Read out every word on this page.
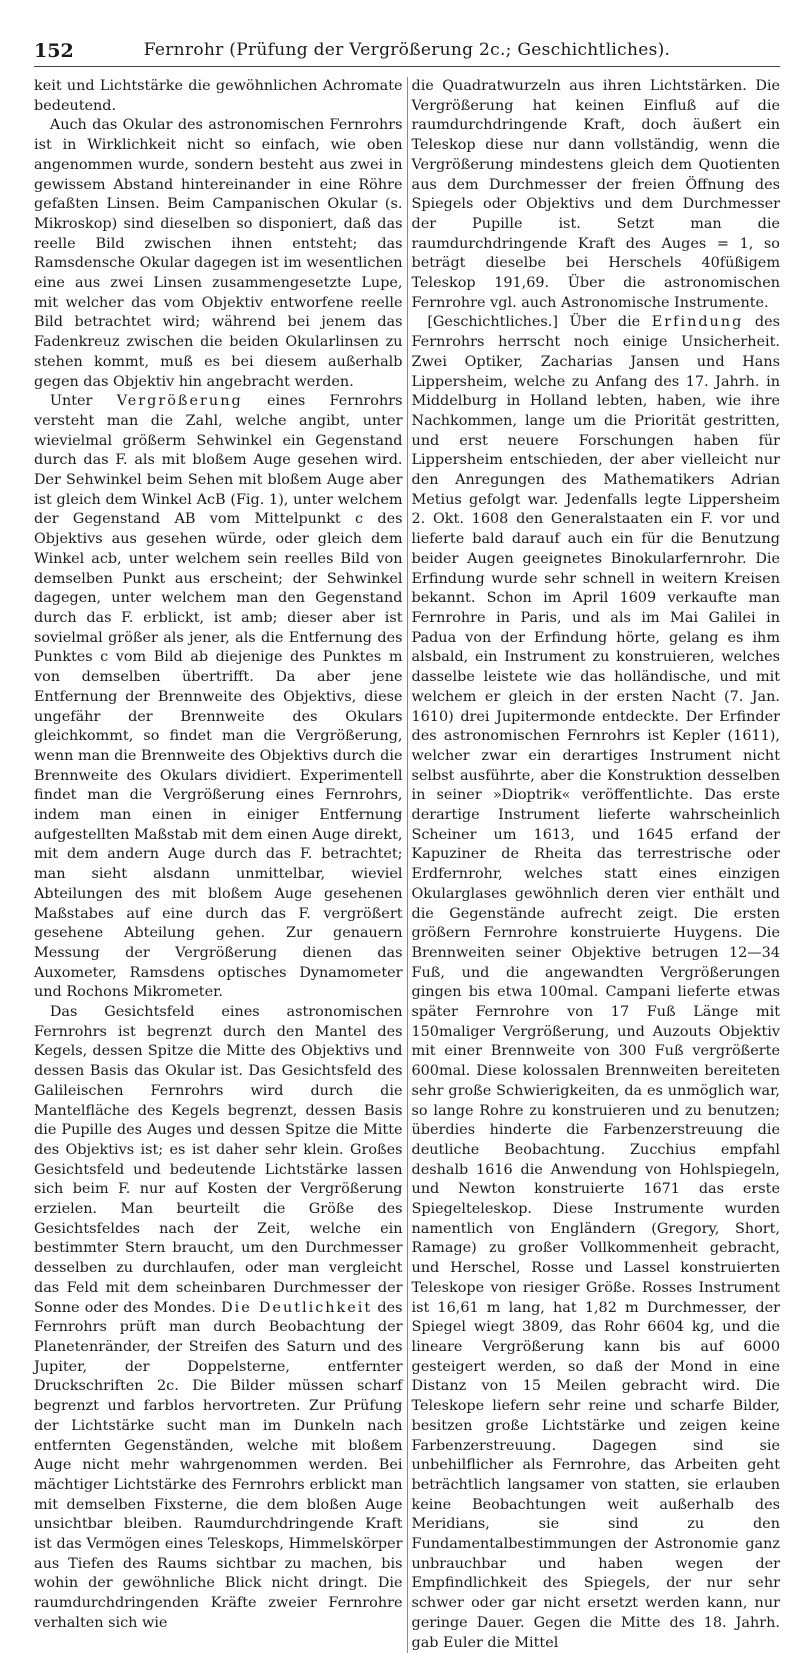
152	Fernrohr (Prüfung der Vergrößerung 2c.; Geschichtliches).

keit und Lichtstärke die gewöhnlichen Achromate bedeutend.

Auch das Okular des astronomischen Fernrohrs ist in Wirklichkeit nicht so einfach, wie oben angenommen wurde, sondern besteht aus zwei in gewissem Abstand hintereinander in eine Röhre gefaßten Linsen. Beim Campanischen Okular (s. Mikroskop) sind dieselben so disponiert, daß das reelle Bild zwischen ihnen entsteht; das Ramsdensche Okular dagegen ist im wesentlichen eine aus zwei Linsen zusammengesetzte Lupe, mit welcher das vom Objektiv entworfene reelle Bild betrachtet wird; während bei jenem das Fadenkreuz zwischen die beiden Okularlinsen zu stehen kommt, muß es bei diesem außerhalb gegen das Objektiv hin angebracht werden.

Unter Vergrößerung eines Fernrohrs versteht man die Zahl, welche angibt, unter wievielmal größerm Sehwinkel ein Gegenstand durch das F. als mit bloßem Auge gesehen wird. Der Sehwinkel beim Sehen mit bloßem Auge aber ist gleich dem Winkel AcB (Fig. 1), unter welchem der Gegenstand AB vom Mittelpunkt c des Objektivs aus gesehen würde, oder gleich dem Winkel acb, unter welchem sein reelles Bild von demselben Punkt aus erscheint; der Sehwinkel dagegen, unter welchem man den Gegenstand durch das F. erblickt, ist amb; dieser aber ist sovielmal größer als jener, als die Entfernung des Punktes c vom Bild ab diejenige des Punktes m von demselben übertrifft. Da aber jene Entfernung der Brennweite des Objektivs, diese ungefähr der Brennweite des Okulars gleichkommt, so findet man die Vergrößerung, wenn man die Brennweite des Objektivs durch die Brennweite des Okulars dividiert. Experimentell findet man die Vergrößerung eines Fernrohrs, indem man einen in einiger Entfernung aufgestellten Maßstab mit dem einen Auge direkt, mit dem andern Auge durch das F. betrachtet; man sieht alsdann unmittelbar, wieviel Abteilungen des mit bloßem Auge gesehenen Maßstabes auf eine durch das F. vergrößert gesehene Abteilung gehen. Zur genauern Messung der Vergrößerung dienen das Auxometer, Ramsdens optisches Dynamometer und Rochons Mikrometer.

Das Gesichtsfeld eines astronomischen Fernrohrs ist begrenzt durch den Mantel des Kegels, dessen Spitze die Mitte des Objektivs und dessen Basis das Okular ist. Das Gesichtsfeld des Galileischen Fernrohrs wird durch die Mantelfläche des Kegels begrenzt, dessen Basis die Pupille des Auges und dessen Spitze die Mitte des Objektivs ist; es ist daher sehr klein. Großes Gesichtsfeld und bedeutende Lichtstärke lassen sich beim F. nur auf Kosten der Vergrößerung erzielen. Man beurteilt die Größe des Gesichtsfeldes nach der Zeit, welche ein bestimmter Stern braucht, um den Durchmesser desselben zu durchlaufen, oder man vergleicht das Feld mit dem scheinbaren Durchmesser der Sonne oder des Mondes. Die Deutlichkeit des Fernrohrs prüft man durch Beobachtung der Planetenränder, der Streifen des Saturn und des Jupiter, der Doppelsterne, entfernter Druckschriften 2c. Die Bilder müssen scharf begrenzt und farblos hervortreten. Zur Prüfung der Lichtstärke sucht man im Dunkeln nach entfernten Gegenständen, welche mit bloßem Auge nicht mehr wahrgenommen werden. Bei mächtiger Lichtstärke des Fernrohrs erblickt man mit demselben Fixsterne, die dem bloßen Auge unsichtbar bleiben. Raumdurchdringende Kraft ist das Vermögen eines Teleskops, Himmelskörper aus Tiefen des Raums sichtbar zu machen, bis wohin der gewöhnliche Blick nicht dringt. Die raumdurchdringenden Kräfte zweier Fernrohre verhalten sich wie

die Quadratwurzeln aus ihren Lichtstärken. Die Vergrößerung hat keinen Einfluß auf die raumdurchdringende Kraft, doch äußert ein Teleskop diese nur dann vollständig, wenn die Vergrößerung mindestens gleich dem Quotienten aus dem Durchmesser der freien Öffnung des Spiegels oder Objektivs und dem Durchmesser der Pupille ist. Setzt man die raumdurchdringende Kraft des Auges = 1, so beträgt dieselbe bei Herschels 40füßigem Teleskop 191,69. Über die astronomischen Fernrohre vgl. auch Astronomische Instrumente.

[Geschichtliches.] Über die Erfindung des Fernrohrs herrscht noch einige Unsicherheit. Zwei Optiker, Zacharias Jansen und Hans Lippersheim, welche zu Anfang des 17. Jahrh. in Middelburg in Holland lebten, haben, wie ihre Nachkommen, lange um die Priorität gestritten, und erst neuere Forschungen haben für Lippersheim entschieden, der aber vielleicht nur den Anregungen des Mathematikers Adrian Metius gefolgt war. Jedenfalls legte Lippersheim 2. Okt. 1608 den Generalstaaten ein F. vor und lieferte bald darauf auch ein für die Benutzung beider Augen geeignetes Binokularfernrohr. Die Erfindung wurde sehr schnell in weitern Kreisen bekannt. Schon im April 1609 verkaufte man Fernrohre in Paris, und als im Mai Galilei in Padua von der Erfindung hörte, gelang es ihm alsbald, ein Instrument zu konstruieren, welches dasselbe leistete wie das holländische, und mit welchem er gleich in der ersten Nacht (7. Jan. 1610) drei Jupitermonde entdeckte. Der Erfinder des astronomischen Fernrohrs ist Kepler (1611), welcher zwar ein derartiges Instrument nicht selbst ausführte, aber die Konstruktion desselben in seiner »Dioptrik« veröffentlichte. Das erste derartige Instrument lieferte wahrscheinlich Scheiner um 1613, und 1645 erfand der Kapuziner de Rheita das terrestrische oder Erdfernrohr, welches statt eines einzigen Okularglases gewöhnlich deren vier enthält und die Gegenstände aufrecht zeigt. Die ersten größern Fernrohre konstruierte Huygens. Die Brennweiten seiner Objektive betrugen 12—34 Fuß, und die angewandten Vergrößerungen gingen bis etwa 100mal. Campani lieferte etwas später Fernrohre von 17 Fuß Länge mit 150maliger Vergrößerung, und Auzouts Objektiv mit einer Brennweite von 300 Fuß vergrößerte 600mal. Diese kolossalen Brennweiten bereiteten sehr große Schwierigkeiten, da es unmöglich war, so lange Rohre zu konstruieren und zu benutzen; überdies hinderte die Farbenzerstreuung die deutliche Beobachtung. Zucchius empfahl deshalb 1616 die Anwendung von Hohlspiegeln, und Newton konstruierte 1671 das erste Spiegelteleskop. Diese Instrumente wurden namentlich von Engländern (Gregory, Short, Ramage) zu großer Vollkommenheit gebracht, und Herschel, Rosse und Lassel konstruierten Teleskope von riesiger Größe. Rosses Instrument ist 16,61 m lang, hat 1,82 m Durchmesser, der Spiegel wiegt 3809, das Rohr 6604 kg, und die lineare Vergrößerung kann bis auf 6000 gesteigert werden, so daß der Mond in eine Distanz von 15 Meilen gebracht wird. Die Teleskope liefern sehr reine und scharfe Bilder, besitzen große Lichtstärke und zeigen keine Farbenzerstreuung. Dagegen sind sie unbehilflicher als Fernrohre, das Arbeiten geht beträchtlich langsamer von statten, sie erlauben keine Beobachtungen weit außerhalb des Meridians, sie sind zu den Fundamentalbestimmungen der Astronomie ganz unbrauchbar und haben wegen der Empfindlichkeit des Spiegels, der nur sehr schwer oder gar nicht ersetzt werden kann, nur geringe Dauer. Gegen die Mitte des 18. Jahrh. gab Euler die Mittel
